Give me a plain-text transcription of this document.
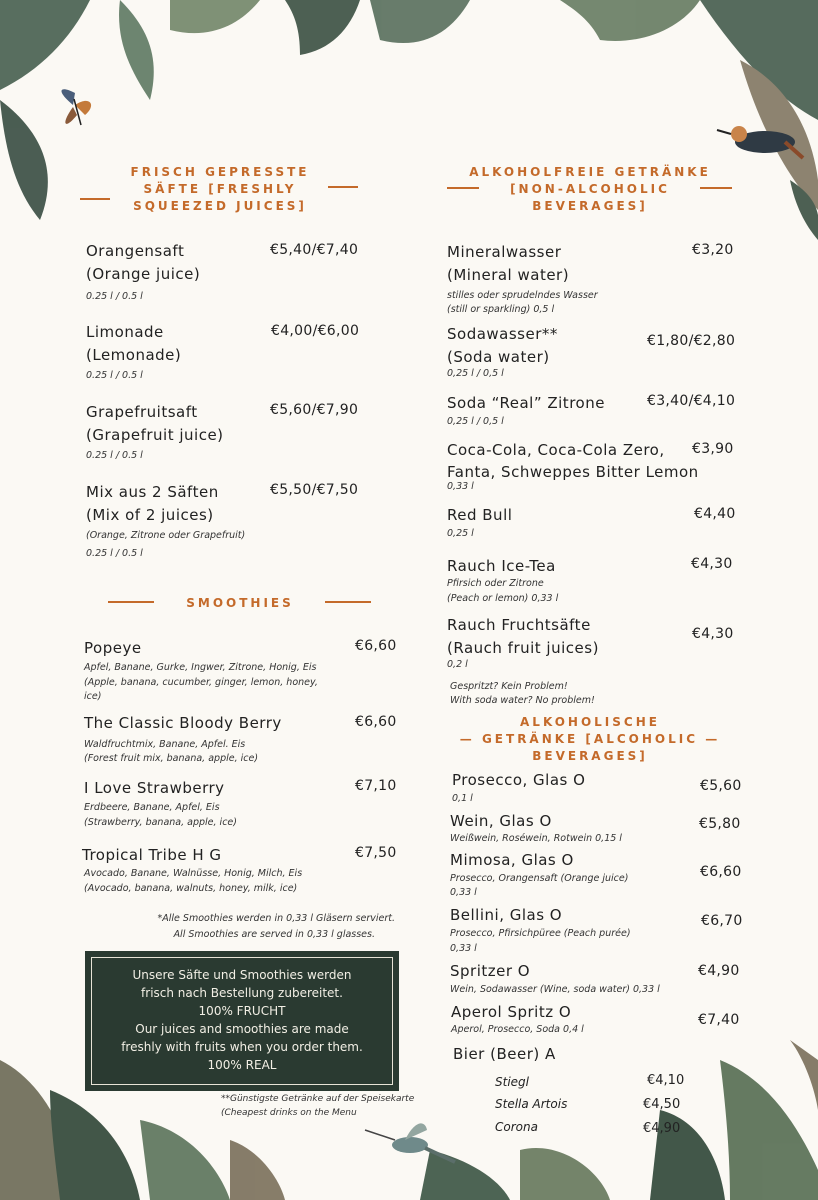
FRISCH GEPRESSTE SÄFTE [FRESHLY SQUEEZED JUICES]
Orangensaft
(Orange juice)
0.25 l / 0.5 l
€5,40/€7,40
Limonade
(Lemonade)
0.25 l / 0.5 l
€4,00/€6,00
Grapefruitsaft
(Grapefruit juice)
0.25 l / 0.5 l
€5,60/€7,90
Mix aus 2 Säften
(Mix of 2 juices)
(Orange, Zitrone oder Grapefruit)
0.25 l / 0.5 l
€5,50/€7,50
SMOOTHIES
Popeye
Apfel, Banane, Gurke, Ingwer, Zitrone, Honig, Eis
(Apple, banana, cucumber, ginger, lemon, honey,
ice)
€6,60
The Classic Bloody Berry
Waldfruchtmix, Banane, Apfel. Eis
(Forest fruit mix, banana, apple, ice)
€6,60
I Love Strawberry
Erdbeere, Banane, Apfel, Eis
(Strawberry, banana, apple, ice)
€7,10
Tropical Tribe H G
Avocado, Banane, Walnüsse, Honig, Milch, Eis
(Avocado, banana, walnuts, honey, milk, ice)
€7,50
*Alle Smoothies werden in 0,33 l Gläsern serviert.
All Smoothies are served in 0,33 l glasses.
Unsere Säfte und Smoothies werden
frisch nach Bestellung zubereitet.
100% FRUCHT
Our juices and smoothies are made
freshly with fruits when you order them.
100% REAL
**Günstigste Getränke auf der Speisekarte
(Cheapest drinks on the Menu
ALKOHOLFREIE GETRÄNKE [NON-ALCOHOLIC BEVERAGES]
Mineralwasser
(Mineral water)
stilles oder sprudelndes Wasser
(still or sparkling) 0,5 l
€3,20
Sodawasser**
(Soda water)
0,25 l / 0,5 l
€1,80/€2,80
Soda “Real” Zitrone
0,25 l / 0,5 l
€3,40/€4,10
Coca-Cola, Coca-Cola Zero,
Fanta, Schweppes Bitter Lemon
0,33 l
€3,90
Red Bull
0,25 l
€4,40
Rauch Ice-Tea
Pfirsich oder Zitrone
(Peach or lemon) 0,33 l
€4,30
Rauch Fruchtsäfte
(Rauch fruit juices)
0,2 l
€4,30
Gespritzt? Kein Problem!
With soda water? No problem!
ALKOHOLISCHE
— GETRÄNKE [ALCOHOLIC —
BEVERAGES]
Prosecco, Glas O
0,1 l
€5,60
Wein, Glas O
Weißwein, Roséwein, Rotwein 0,15 l
€5,80
Mimosa, Glas O
Prosecco, Orangensaft (Orange juice)
0,33 l
€6,60
Bellini, Glas O
Prosecco, Pfirsichpüree (Peach purée)
0,33 l
€6,70
Spritzer O
Wein, Sodawasser (Wine, soda water) 0,33 l
€4,90
Aperol Spritz O
Aperol, Prosecco, Soda 0,4 l
€7,40
Bier (Beer) A
Stiegl	€4,10
Stella Artois	€4,50
Corona	€4,90
